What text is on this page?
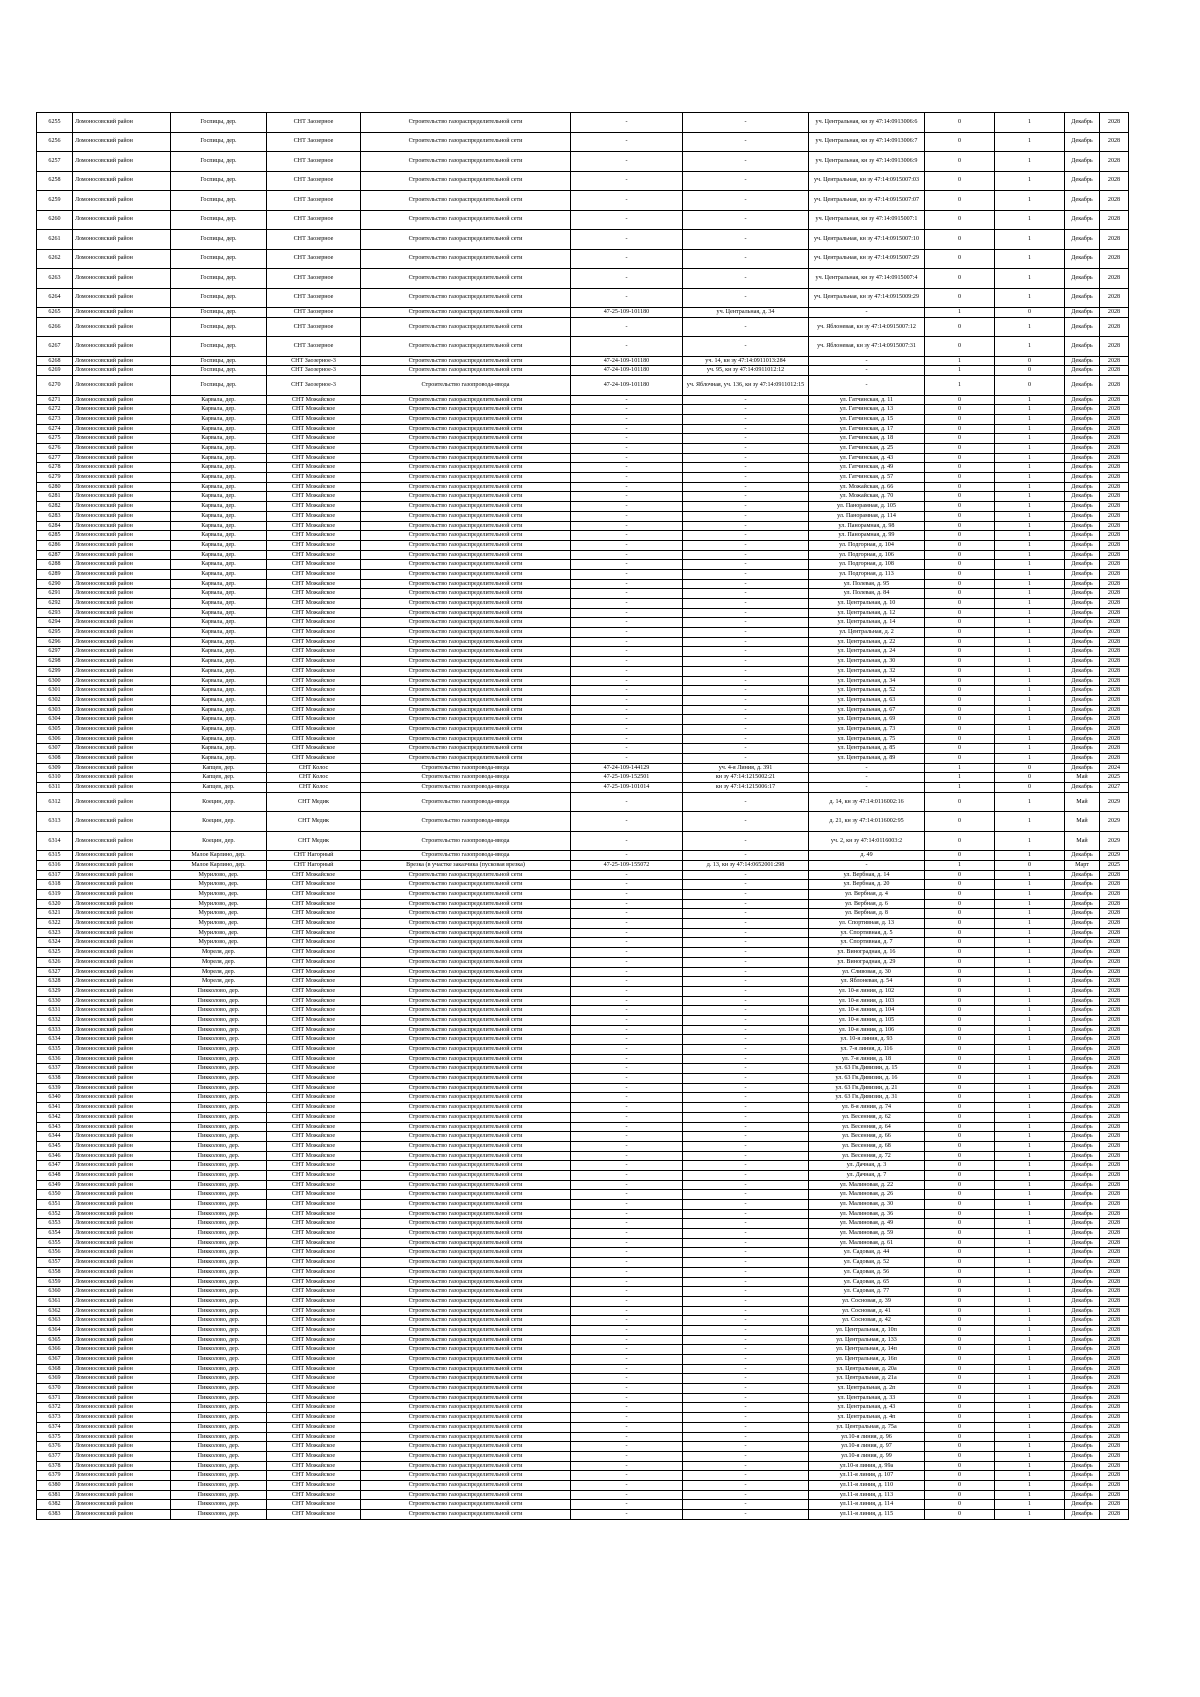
6255	Ломоносовский район	Госпицы, дер.	СНТ Заозерное	Строительство газораспределительной сети	-	-	уч. Центральная, кн зу 47:14:0913006:6	0	1	Декабрь	2028
6256	Ломоносовский район	Госпицы, дер.	СНТ Заозерное	Строительство газораспределительной сети	-	-	уч. Центральная, кн зу 47:14:0913006:7	0	1	Декабрь	2028
6257	Ломоносовский район	Госпицы, дер.	СНТ Заозерное	Строительство газораспределительной сети	-	-	уч. Центральная, кн зу 47:14:0913006:9	0	1	Декабрь	2028
6258	Ломоносовский район	Госпицы, дер.	СНТ Заозерное	Строительство газораспределительной сети	-	-	уч. Центральная, кн зу 47:14:0915007:03	0	1	Декабрь	2028
6259	Ломоносовский район	Госпицы, дер.	СНТ Заозерное	Строительство газораспределительной сети	-	-	уч. Центральная, кн зу 47:14:0915007:07	0	1	Декабрь	2028
6260	Ломоносовский район	Госпицы, дер.	СНТ Заозерное	Строительство газораспределительной сети	-	-	уч. Центральная, кн зу 47:14:0915007:1	0	1	Декабрь	2028
6261	Ломоносовский район	Госпицы, дер.	СНТ Заозерное	Строительство газораспределительной сети	-	-	уч. Центральная, кн зу 47:14:0915007:10	0	1	Декабрь	2028
6262	Ломоносовский район	Госпицы, дер.	СНТ Заозерное	Строительство газораспределительной сети	-	-	уч. Центральная, кн зу 47:14:0915007:29	0	1	Декабрь	2028
6263	Ломоносовский район	Госпицы, дер.	СНТ Заозерное	Строительство газораспределительной сети	-	-	уч. Центральная, кн зу 47:14:0915007:4	0	1	Декабрь	2028
6264	Ломоносовский район	Госпицы, дер.	СНТ Заозерное	Строительство газораспределительной сети	-	-	уч. Центральная, кн зу 47:14:0915009:29	0	1	Декабрь	2028
6265	Ломоносовский район	Госпицы, дер.	СНТ Заозерное	Строительство газораспределительной сети	47-25-109-101180	уч. Центральная, д. 34	-	1	0	Декабрь	2028
6266	Ломоносовский район	Госпицы, дер.	СНТ Заозерное	Строительство газораспределительной сети	-	-	уч. Яблоневая, кн зу 47:14:0915007:12	0	1	Декабрь	2028
6267	Ломоносовский район	Госпицы, дер.	СНТ Заозерное	Строительство газораспределительной сети	-	-	уч. Яблоневая, кн зу 47:14:0915007:31	0	1	Декабрь	2028
6268	Ломоносовский район	Госпицы, дер.	СНТ Заозерное-3	Строительство газораспределительной сети	47-24-109-101180	уч. 14, кн зу 47:14:0911013:284	-	1	0	Декабрь	2028
6269	Ломоносовский район	Госпицы, дер.	СНТ Заозерное-3	Строительство газораспределительной сети	47-24-109-101180	уч. 95, кн зу 47:14:0911012:12	-	1	0	Декабрь	2028
6270	Ломоносовский район	Госпицы, дер.	СНТ Заозерное-3	Строительство газопровода-ввода	47-24-109-101180	уч. Яблочная, уч. 136, кн зу 47:14:0911012:15	-	1	0	Декабрь	2028
6271	Ломоносовский район	Карвала, дер.	СНТ Можайское	Строительство газораспределительной сети	-	-	ул. Гатчинская, д. 11	0	1	Декабрь	2028
6272	Ломоносовский район	Карвала, дер.	СНТ Можайское	Строительство газораспределительной сети	-	-	ул. Гатчинская, д. 13	0	1	Декабрь	2028
6273	Ломоносовский район	Карвала, дер.	СНТ Можайское	Строительство газораспределительной сети	-	-	ул. Гатчинская, д. 15	0	1	Декабрь	2028
6274	Ломоносовский район	Карвала, дер.	СНТ Можайское	Строительство газораспределительной сети	-	-	ул. Гатчинская, д. 17	0	1	Декабрь	2028
6275	Ломоносовский район	Карвала, дер.	СНТ Можайское	Строительство газораспределительной сети	-	-	ул. Гатчинская, д. 18	0	1	Декабрь	2028
6276	Ломоносовский район	Карвала, дер.	СНТ Можайское	Строительство газораспределительной сети	-	-	ул. Гатчинская, д. 25	0	1	Декабрь	2028
6277	Ломоносовский район	Карвала, дер.	СНТ Можайское	Строительство газораспределительной сети	-	-	ул. Гатчинская, д. 43	0	1	Декабрь	2028
6278	Ломоносовский район	Карвала, дер.	СНТ Можайское	Строительство газораспределительной сети	-	-	ул. Гатчинская, д. 49	0	1	Декабрь	2028
6279	Ломоносовский район	Карвала, дер.	СНТ Можайское	Строительство газораспределительной сети	-	-	ул. Гатчинская, д. 57	0	1	Декабрь	2028
6280	Ломоносовский район	Карвала, дер.	СНТ Можайское	Строительство газораспределительной сети	-	-	ул. Можайская, д. 66	0	1	Декабрь	2028
6281	Ломоносовский район	Карвала, дер.	СНТ Можайское	Строительство газораспределительной сети	-	-	ул. Можайская, д. 70	0	1	Декабрь	2028
6282	Ломоносовский район	Карвала, дер.	СНТ Можайское	Строительство газораспределительной сети	-	-	ул. Панорамная, д. 105	0	1	Декабрь	2028
6283	Ломоносовский район	Карвала, дер.	СНТ Можайское	Строительство газораспределительной сети	-	-	ул. Панорамная, д. 114	0	1	Декабрь	2028
6284	Ломоносовский район	Карвала, дер.	СНТ Можайское	Строительство газораспределительной сети	-	-	ул. Панорамная, д. 98	0	1	Декабрь	2028
6285	Ломоносовский район	Карвала, дер.	СНТ Можайское	Строительство газораспределительной сети	-	-	ул. Панорамная, д. 99	0	1	Декабрь	2028
6286	Ломоносовский район	Карвала, дер.	СНТ Можайское	Строительство газораспределительной сети	-	-	ул. Подгорная, д. 104	0	1	Декабрь	2028
6287	Ломоносовский район	Карвала, дер.	СНТ Можайское	Строительство газораспределительной сети	-	-	ул. Подгорная, д. 106	0	1	Декабрь	2028
6288	Ломоносовский район	Карвала, дер.	СНТ Можайское	Строительство газораспределительной сети	-	-	ул. Подгорная, д. 108	0	1	Декабрь	2028
6289	Ломоносовский район	Карвала, дер.	СНТ Можайское	Строительство газораспределительной сети	-	-	ул. Подгорная, д. 113	0	1	Декабрь	2028
6290	Ломоносовский район	Карвала, дер.	СНТ Можайское	Строительство газораспределительной сети	-	-	ул. Полевая, д. 95	0	1	Декабрь	2028
6291	Ломоносовский район	Карвала, дер.	СНТ Можайское	Строительство газораспределительной сети	-	-	ул. Полевая, д. 84	0	1	Декабрь	2028
6292	Ломоносовский район	Карвала, дер.	СНТ Можайское	Строительство газораспределительной сети	-	-	ул. Центральная, д. 10	0	1	Декабрь	2028
6293	Ломоносовский район	Карвала, дер.	СНТ Можайское	Строительство газораспределительной сети	-	-	ул. Центральная, д. 12	0	1	Декабрь	2028
6294	Ломоносовский район	Карвала, дер.	СНТ Можайское	Строительство газораспределительной сети	-	-	ул. Центральная, д. 14	0	1	Декабрь	2028
6295	Ломоносовский район	Карвала, дер.	СНТ Можайское	Строительство газораспределительной сети	-	-	ул. Центральная, д. 2	0	1	Декабрь	2028
6296	Ломоносовский район	Карвала, дер.	СНТ Можайское	Строительство газораспределительной сети	-	-	ул. Центральная, д. 22	0	1	Декабрь	2028
6297	Ломоносовский район	Карвала, дер.	СНТ Можайское	Строительство газораспределительной сети	-	-	ул. Центральная, д. 24	0	1	Декабрь	2028
6298	Ломоносовский район	Карвала, дер.	СНТ Можайское	Строительство газораспределительной сети	-	-	ул. Центральная, д. 30	0	1	Декабрь	2028
6299	Ломоносовский район	Карвала, дер.	СНТ Можайское	Строительство газораспределительной сети	-	-	ул. Центральная, д. 32	0	1	Декабрь	2028
6300	Ломоносовский район	Карвала, дер.	СНТ Можайское	Строительство газораспределительной сети	-	-	ул. Центральная, д. 34	0	1	Декабрь	2028
6301	Ломоносовский район	Карвала, дер.	СНТ Можайское	Строительство газораспределительной сети	-	-	ул. Центральная, д. 52	0	1	Декабрь	2028
6302	Ломоносовский район	Карвала, дер.	СНТ Можайское	Строительство газораспределительной сети	-	-	ул. Центральная, д. 63	0	1	Декабрь	2028
6303	Ломоносовский район	Карвала, дер.	СНТ Можайское	Строительство газораспределительной сети	-	-	ул. Центральная, д. 67	0	1	Декабрь	2028
6304	Ломоносовский район	Карвала, дер.	СНТ Можайское	Строительство газораспределительной сети	-	-	ул. Центральная, д. 69	0	1	Декабрь	2028
6305	Ломоносовский район	Карвала, дер.	СНТ Можайское	Строительство газораспределительной сети	-	-	ул. Центральная, д. 73	0	1	Декабрь	2028
6306	Ломоносовский район	Карвала, дер.	СНТ Можайское	Строительство газораспределительной сети	-	-	ул. Центральная, д. 75	0	1	Декабрь	2028
6307	Ломоносовский район	Карвала, дер.	СНТ Можайское	Строительство газораспределительной сети	-	-	ул. Центральная, д. 85	0	1	Декабрь	2028
6308	Ломоносовский район	Карвала, дер.	СНТ Можайское	Строительство газораспределительной сети	-	-	ул. Центральная, д. 89	0	1	Декабрь	2028
6309	Ломоносовский район	Капцев, дер.	СНТ Колос	Строительство газопровода-ввода	47-24-109-144129	уч. 4-я Линия, д. 391	-	1	0	Декабрь	2024
6310	Ломоносовский район	Капцев, дер.	СНТ Колос	Строительство газопровода-ввода	47-25-109-152501	кн зу 47:14:1215002:21	-	1	0	Май	2025
6311	Ломоносовский район	Капцев, дер.	СНТ Колос	Строительство газопровода-ввода	47-25-109-101014	кн зу 47:14:1215006:17	-	1	0	Декабрь	2027
6312	Ломоносовский район	Коецин, дер.	СНТ Медик	Строительство газопровода-ввода	-	-	д. 14, кн зу 47:14:0116002:16	0	1	Май	2029
6313	Ломоносовский район	Коецин, дер.	СНТ Медик	Строительство газопровода-ввода	-	-	д. 21, кн зу 47:14:0116002:95	0	1	Май	2029
6314	Ломоносовский район	Коецин, дер.	СНТ Медик	Строительство газопровода-ввода	-	-	уч. 2, кн зу 47:14:0116003:2	0	1	Май	2029
6315	Ломоносовский район	Малое Карлино, дер.	СНТ Нагорный	Строительство газопровода-ввода	-	-	д. 49	0	1	Декабрь	2029
6316	Ломоносовский район	Малое Карлино, дер.	СНТ Нагорный	Врезка (в участке заказчика (пусковая врезка)	47-25-109-155072	д. 13, кн зу 47:14:0652001:298	-	1	0	Март	2025
6317	Ломоносовский район	Мурилово, дер.	СНТ Можайское	Строительство газораспределительной сети	-	-	ул. Вербная, д. 14	0	1	Декабрь	2028
6318	Ломоносовский район	Мурилово, дер.	СНТ Можайское	Строительство газораспределительной сети	-	-	ул. Вербная, д. 20	0	1	Декабрь	2028
6319	Ломоносовский район	Мурилово, дер.	СНТ Можайское	Строительство газораспределительной сети	-	-	ул. Вербная, д. 4	0	1	Декабрь	2028
6320	Ломоносовский район	Мурилово, дер.	СНТ Можайское	Строительство газораспределительной сети	-	-	ул. Вербная, д. 6	0	1	Декабрь	2028
6321	Ломоносовский район	Мурилово, дер.	СНТ Можайское	Строительство газораспределительной сети	-	-	ул. Вербная, д. 8	0	1	Декабрь	2028
6322	Ломоносовский район	Мурилово, дер.	СНТ Можайское	Строительство газораспределительной сети	-	-	ул. Спортивная, д. 13	0	1	Декабрь	2028
6323	Ломоносовский район	Мурилово, дер.	СНТ Можайское	Строительство газораспределительной сети	-	-	ул. Спортивная, д. 5	0	1	Декабрь	2028
6324	Ломоносовский район	Мурилово, дер.	СНТ Можайское	Строительство газораспределительной сети	-	-	ул. Спортивная, д. 7	0	1	Декабрь	2028
6325	Ломоносовский район	Мореля, дер.	СНТ Можайское	Строительство газораспределительной сети	-	-	ул. Виноградная, д. 16	0	1	Декабрь	2028
6326	Ломоносовский район	Мореля, дер.	СНТ Можайское	Строительство газораспределительной сети	-	-	ул. Виноградная, д. 29	0	1	Декабрь	2028
6327	Ломоносовский район	Мореля, дер.	СНТ Можайское	Строительство газораспределительной сети	-	-	ул. Сливовая, д. 30	0	1	Декабрь	2028
6328	Ломоносовский район	Мореля, дер.	СНТ Можайское	Строительство газораспределительной сети	-	-	ул. Яблоневая, д. 54	0	1	Декабрь	2028
6329	Ломоносовский район	Пикколово, дер.	СНТ Можайское	Строительство газораспределительной сети	-	-	ул. 10-я линия, д. 102	0	1	Декабрь	2028
6330	Ломоносовский район	Пикколово, дер.	СНТ Можайское	Строительство газораспределительной сети	-	-	ул. 10-я линия, д. 103	0	1	Декабрь	2028
6331	Ломоносовский район	Пикколово, дер.	СНТ Можайское	Строительство газораспределительной сети	-	-	ул. 10-я линия, д. 104	0	1	Декабрь	2028
6332	Ломоносовский район	Пикколово, дер.	СНТ Можайское	Строительство газораспределительной сети	-	-	ул. 10-я линия, д. 105	0	1	Декабрь	2028
6333	Ломоносовский район	Пикколово, дер.	СНТ Можайское	Строительство газораспределительной сети	-	-	ул. 10-я линия, д. 106	0	1	Декабрь	2028
6334	Ломоносовский район	Пикколово, дер.	СНТ Можайское	Строительство газораспределительной сети	-	-	ул. 10-я линия, д. 93	0	1	Декабрь	2028
6335	Ломоносовский район	Пикколово, дер.	СНТ Можайское	Строительство газораспределительной сети	-	-	ул. 7-я линия, д. 116	0	1	Декабрь	2028
6336	Ломоносовский район	Пикколово, дер.	СНТ Можайское	Строительство газораспределительной сети	-	-	ул. 7-я линия, д. 18	0	1	Декабрь	2028
6337	Ломоносовский район	Пикколово, дер.	СНТ Можайское	Строительство газораспределительной сети	-	-	ул. 63 Гв.Дивизии, д. 15	0	1	Декабрь	2028
6338	Ломоносовский район	Пикколово, дер.	СНТ Можайское	Строительство газораспределительной сети	-	-	ул. 63 Гв.Дивизии, д. 16	0	1	Декабрь	2028
6339	Ломоносовский район	Пикколово, дер.	СНТ Можайское	Строительство газораспределительной сети	-	-	ул. 63 Гв.Дивизии, д. 21	0	1	Декабрь	2028
6340	Ломоносовский район	Пикколово, дер.	СНТ Можайское	Строительство газораспределительной сети	-	-	ул. 63 Гв.Дивизии, д. 31	0	1	Декабрь	2028
6341	Ломоносовский район	Пикколово, дер.	СНТ Можайское	Строительство газораспределительной сети	-	-	ул. 8-я линия, д. 74	0	1	Декабрь	2028
6342	Ломоносовский район	Пикколово, дер.	СНТ Можайское	Строительство газораспределительной сети	-	-	ул. Весенняя, д. 62	0	1	Декабрь	2028
6343	Ломоносовский район	Пикколово, дер.	СНТ Можайское	Строительство газораспределительной сети	-	-	ул. Весенняя, д. 64	0	1	Декабрь	2028
6344	Ломоносовский район	Пикколово, дер.	СНТ Можайское	Строительство газораспределительной сети	-	-	ул. Весенняя, д. 66	0	1	Декабрь	2028
6345	Ломоносовский район	Пикколово, дер.	СНТ Можайское	Строительство газораспределительной сети	-	-	ул. Весенняя, д. 68	0	1	Декабрь	2028
6346	Ломоносовский район	Пикколово, дер.	СНТ Можайское	Строительство газораспределительной сети	-	-	ул. Весенняя, д. 72	0	1	Декабрь	2028
6347	Ломоносовский район	Пикколово, дер.	СНТ Можайское	Строительство газораспределительной сети	-	-	ул. Дачная, д. 3	0	1	Декабрь	2028
6348	Ломоносовский район	Пикколово, дер.	СНТ Можайское	Строительство газораспределительной сети	-	-	ул. Дачная, д. 7	0	1	Декабрь	2028
6349	Ломоносовский район	Пикколово, дер.	СНТ Можайское	Строительство газораспределительной сети	-	-	ул. Малиновая, д. 22	0	1	Декабрь	2028
6350	Ломоносовский район	Пикколово, дер.	СНТ Можайское	Строительство газораспределительной сети	-	-	ул. Малиновая, д. 26	0	1	Декабрь	2028
6351	Ломоносовский район	Пикколово, дер.	СНТ Можайское	Строительство газораспределительной сети	-	-	ул. Малиновая, д. 30	0	1	Декабрь	2028
6352	Ломоносовский район	Пикколово, дер.	СНТ Можайское	Строительство газораспределительной сети	-	-	ул. Малиновая, д. 36	0	1	Декабрь	2028
6353	Ломоносовский район	Пикколово, дер.	СНТ Можайское	Строительство газораспределительной сети	-	-	ул. Малиновая, д. 49	0	1	Декабрь	2028
6354	Ломоносовский район	Пикколово, дер.	СНТ Можайское	Строительство газораспределительной сети	-	-	ул. Малиновая, д. 59	0	1	Декабрь	2028
6355	Ломоносовский район	Пикколово, дер.	СНТ Можайское	Строительство газораспределительной сети	-	-	ул. Малиновая, д. 61	0	1	Декабрь	2028
6356	Ломоносовский район	Пикколово, дер.	СНТ Можайское	Строительство газораспределительной сети	-	-	ул. Садовая, д. 44	0	1	Декабрь	2028
6357	Ломоносовский район	Пикколово, дер.	СНТ Можайское	Строительство газораспределительной сети	-	-	ул. Садовая, д. 52	0	1	Декабрь	2028
6358	Ломоносовский район	Пикколово, дер.	СНТ Можайское	Строительство газораспределительной сети	-	-	ул. Садовая, д. 56	0	1	Декабрь	2028
6359	Ломоносовский район	Пикколово, дер.	СНТ Можайское	Строительство газораспределительной сети	-	-	ул. Садовая, д. 65	0	1	Декабрь	2028
6360	Ломоносовский район	Пикколово, дер.	СНТ Можайское	Строительство газораспределительной сети	-	-	ул. Садовая, д. 77	0	1	Декабрь	2028
6361	Ломоносовский район	Пикколово, дер.	СНТ Можайское	Строительство газораспределительной сети	-	-	ул. Сосновая, д. 39	0	1	Декабрь	2028
6362	Ломоносовский район	Пикколово, дер.	СНТ Можайское	Строительство газораспределительной сети	-	-	ул. Сосновая, д. 41	0	1	Декабрь	2028
6363	Ломоносовский район	Пикколово, дер.	СНТ Можайское	Строительство газораспределительной сети	-	-	ул. Сосновая, д. 42	0	1	Декабрь	2028
6364	Ломоносовский район	Пикколово, дер.	СНТ Можайское	Строительство газораспределительной сети	-	-	ул. Центральная, д. 10п	0	1	Декабрь	2028
6365	Ломоносовский район	Пикколово, дер.	СНТ Можайское	Строительство газораспределительной сети	-	-	ул. Центральная, д. 133	0	1	Декабрь	2028
6366	Ломоносовский район	Пикколово, дер.	СНТ Можайское	Строительство газораспределительной сети	-	-	ул. Центральная, д. 14п	0	1	Декабрь	2028
6367	Ломоносовский район	Пикколово, дер.	СНТ Можайское	Строительство газораспределительной сети	-	-	ул. Центральная, д. 16п	0	1	Декабрь	2028
6368	Ломоносовский район	Пикколово, дер.	СНТ Можайское	Строительство газораспределительной сети	-	-	ул. Центральная, д. 20а	0	1	Декабрь	2028
6369	Ломоносовский район	Пикколово, дер.	СНТ Можайское	Строительство газораспределительной сети	-	-	ул. Центральная, д. 21а	0	1	Декабрь	2028
6370	Ломоносовский район	Пикколово, дер.	СНТ Можайское	Строительство газораспределительной сети	-	-	ул. Центральная, д. 2п	0	1	Декабрь	2028
6371	Ломоносовский район	Пикколово, дер.	СНТ Можайское	Строительство газораспределительной сети	-	-	ул. Центральная, д. 33	0	1	Декабрь	2028
6372	Ломоносовский район	Пикколово, дер.	СНТ Можайское	Строительство газораспределительной сети	-	-	ул. Центральная, д. 43	0	1	Декабрь	2028
6373	Ломоносовский район	Пикколово, дер.	СНТ Можайское	Строительство газораспределительной сети	-	-	ул. Центральная, д. 4п	0	1	Декабрь	2028
6374	Ломоносовский район	Пикколово, дер.	СНТ Можайское	Строительство газораспределительной сети	-	-	ул. Центральная, д. 75а	0	1	Декабрь	2028
6375	Ломоносовский район	Пикколово, дер.	СНТ Можайское	Строительство газораспределительной сети	-	-	ул.10-я линия, д. 96	0	1	Декабрь	2028
6376	Ломоносовский район	Пикколово, дер.	СНТ Можайское	Строительство газораспределительной сети	-	-	ул.10-я линия, д. 97	0	1	Декабрь	2028
6377	Ломоносовский район	Пикколово, дер.	СНТ Можайское	Строительство газораспределительной сети	-	-	ул.10-я линия, д. 99	0	1	Декабрь	2028
6378	Ломоносовский район	Пикколово, дер.	СНТ Можайское	Строительство газораспределительной сети	-	-	ул.10-я линия, д. 99а	0	1	Декабрь	2028
6379	Ломоносовский район	Пикколово, дер.	СНТ Можайское	Строительство газораспределительной сети	-	-	ул.11-я линия, д. 107	0	1	Декабрь	2028
6380	Ломоносовский район	Пикколово, дер.	СНТ Можайское	Строительство газораспределительной сети	-	-	ул.11-я линия, д. 110	0	1	Декабрь	2028
6381	Ломоносовский район	Пикколово, дер.	СНТ Можайское	Строительство газораспределительной сети	-	-	ул.11-я линия, д. 113	0	1	Декабрь	2028
6382	Ломоносовский район	Пикколово, дер.	СНТ Можайское	Строительство газораспределительной сети	-	-	ул.11-я линия, д. 114	0	1	Декабрь	2028
6383	Ломоносовский район	Пикколово, дер.	СНТ Можайское	Строительство газораспределительной сети	-	-	ул.11-я линия, д. 115	0	1	Декабрь	2028
